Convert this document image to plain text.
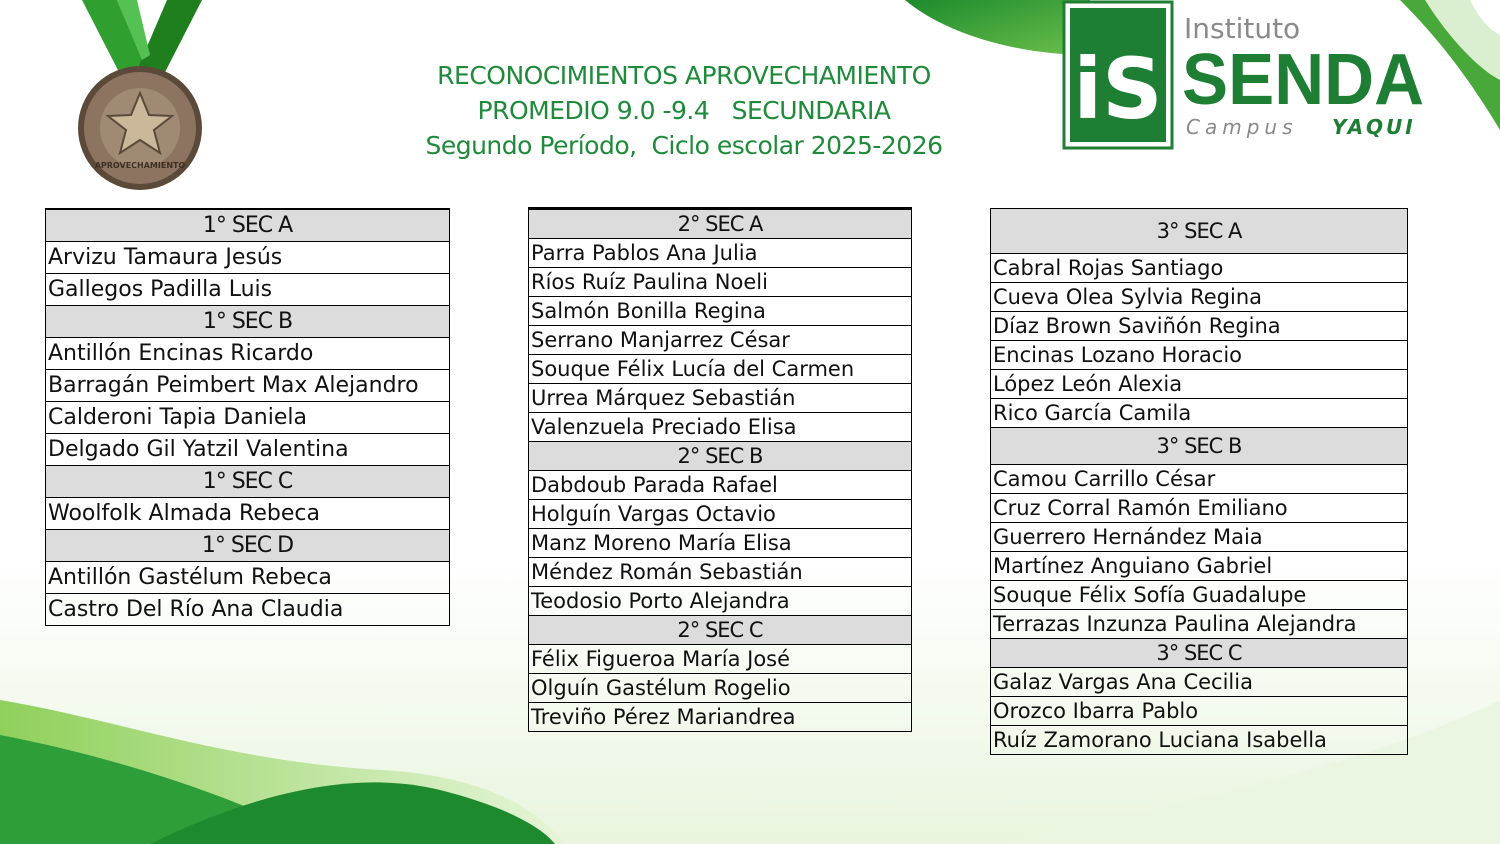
APROVECHAMIENTO
iS
Instituto
SENDA
Campus YAQUI
RECONOCIMIENTOS APROVECHAMIENTO
PROMEDIO 9.0 -9.4   SECUNDARIA
Segundo Período,  Ciclo escolar 2025-2026
1° SEC A
Arvizu Tamaura Jesús
Gallegos Padilla Luis
1° SEC B
Antillón Encinas Ricardo
Barragán Peimbert Max Alejandro
Calderoni Tapia Daniela
Delgado Gil Yatzil Valentina
1° SEC C
Woolfolk Almada Rebeca
1° SEC D
Antillón Gastélum Rebeca
Castro Del Río Ana Claudia
2° SEC A
Parra Pablos Ana Julia
Ríos Ruíz Paulina Noeli
Salmón Bonilla Regina
Serrano Manjarrez César
Souque Félix Lucía del Carmen
Urrea Márquez Sebastián
Valenzuela Preciado Elisa
2° SEC B
Dabdoub Parada Rafael
Holguín Vargas Octavio
Manz Moreno María Elisa
Méndez Román Sebastián
Teodosio Porto Alejandra
2° SEC C
Félix Figueroa María José
Olguín Gastélum Rogelio
Treviño Pérez Mariandrea
3° SEC A
Cabral Rojas Santiago
Cueva Olea Sylvia Regina
Díaz Brown Saviñón Regina
Encinas Lozano Horacio
López León Alexia
Rico García Camila
3° SEC B
Camou Carrillo César
Cruz Corral Ramón Emiliano
Guerrero Hernández Maia
Martínez Anguiano Gabriel
Souque Félix Sofía Guadalupe
Terrazas Inzunza Paulina Alejandra
3° SEC C
Galaz Vargas Ana Cecilia
Orozco Ibarra Pablo
Ruíz Zamorano Luciana Isabella
